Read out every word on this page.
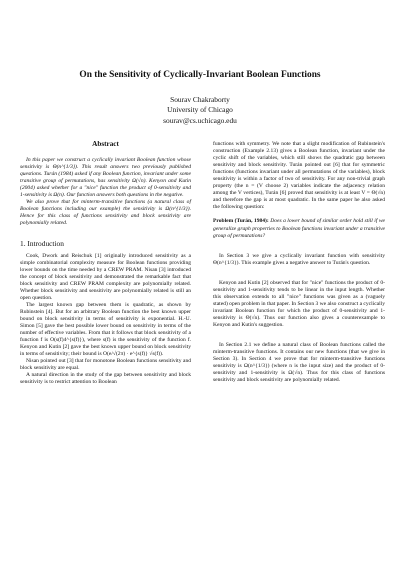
On the Sensitivity of Cyclically-Invariant Boolean Functions
Sourav Chakraborty
University of Chicago
sourav@cs.uchicago.edu
Abstract

In this paper we construct a cyclically invariant Boolean function whose sensitivity is Θ(n^{1/3}). This result answers two previously published questions. Turán (1984) asked if any Boolean function, invariant under some transitive group of permutations, has sensitivity Ω(√n). Kenyon and Kutin (2004) asked whether for a "nice" function the product of 0-sensitivity and 1-sensitivity is Ω(n). Our function answers both questions in the negative.

We also prove that for minterm-transitive functions (a natural class of Boolean functions including our example) the sensitivity is Ω(n^{1/3}). Hence for this class of functions sensitivity and block sensitivity are polynomially related.

1. Introduction

Cook, Dwork and Reischuk [1] originally introduced sensitivity as a simple combinatorial complexity measure for Boolean functions providing lower bounds on the time needed by a CREW PRAM. Nisan [3] introduced the concept of block sensitivity and demonstrated the remarkable fact that block sensitivity and CREW PRAM complexity are polynomially related. Whether block sensitivity and sensitivity are polynomially related is still an open question.

The largest known gap between them is quadratic, as shown by Rubinstein [4]. But for an arbitrary Boolean function the best known upper bound on block sensitivity in terms of sensitivity is exponential. H.-U. Simon [5] gave the best possible lower bound on sensitivity in terms of the number of effective variables. From that it follows that block sensitivity of a function f is O(s(f)4^{s(f)}), where s(f) is the sensitivity of the function f. Kenyon and Kutin [2] gave the best known upper bound on block sensitivity in terms of sensitivity; their bound is O(e/√(2π) · e^{s(f)} √s(f)).

Nisan pointed out [3] that for monotone Boolean functions sensitivity and block sensitivity are equal.

A natural direction in the study of the gap between sensitivity and block sensitivity is to restrict attention to Boolean

functions with symmetry. We note that a slight modification of Rubinstein's construction (Example 2.13) gives a Boolean function, invariant under the cyclic shift of the variables, which still shows the quadratic gap between sensitivity and block sensitivity. Turán pointed out [6] that for symmetric functions (functions invariant under all permutations of the variables), block sensitivity is within a factor of two of sensitivity. For any non-trivial graph property (the n = (V choose 2) variables indicate the adjacency relation among the V vertices), Turán [6] proved that sensitivity is at least V = Θ(√n) and therefore the gap is at most quadratic. In the same paper he also asked the following question:

Problem (Turán, 1984): Does a lower bound of similar order hold still if we generalize graph properties to Boolean functions invariant under a transitive group of permutations?

In Section 3 we give a cyclically invariant function with sensitivity Θ(n^{1/3}). This example gives a negative answer to Turán's question.

Kenyon and Kutin [2] observed that for "nice" functions the product of 0-sensitivity and 1-sensitivity tends to be linear in the input length. Whether this observation extends to all "nice" functions was given as a (vaguely stated) open problem in that paper. In Section 3 we also construct a cyclically invariant Boolean function for which the product of 0-sensitivity and 1-sensitivity is Θ(√n). Thus our function also gives a counterexample to Kenyon and Kutin's suggestion.

In Section 2.1 we define a natural class of Boolean functions called the minterm-transitive functions. It contains our new functions (that we give in Section 3). In Section 4 we prove that for minterm-transitive functions sensitivity is Ω(n^{1/3}) (where n is the input size) and the product of 0-sensitivity and 1-sensitivity is Ω(√n). Thus for this class of functions sensitivity and block sensitivity are polynomially related.
